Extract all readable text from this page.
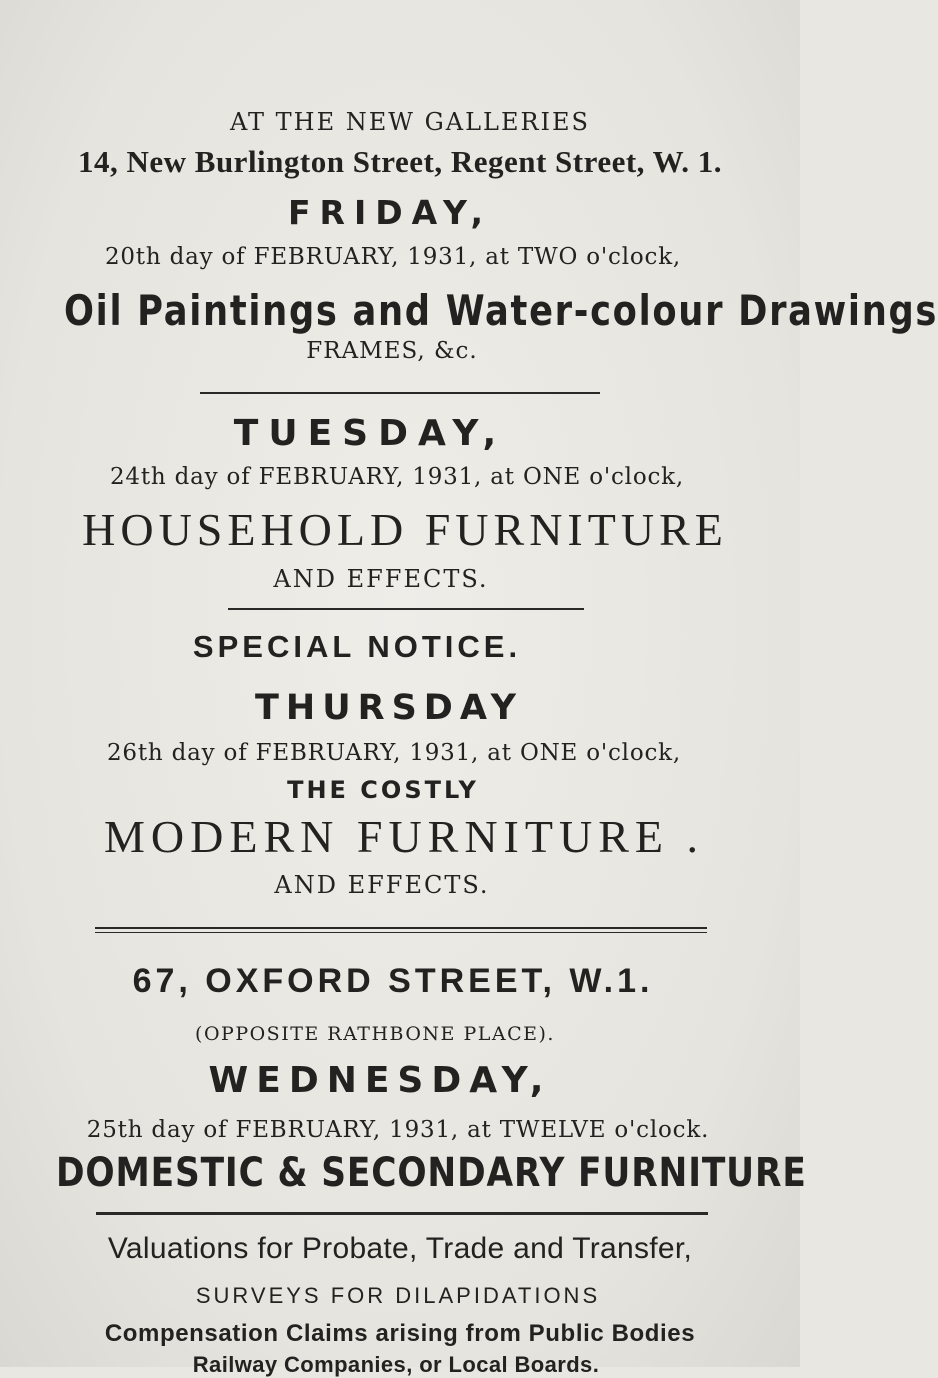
AT THE NEW GALLERIES
14, New Burlington Street, Regent Street, W. 1.
FRIDAY,
20th day of FEBRUARY, 1931, at TWO o'clock,
Oil Paintings and Water-colour Drawings
FRAMES, &c.
TUESDAY,
24th day of FEBRUARY, 1931, at ONE o'clock,
HOUSEHOLD FURNITURE
AND EFFECTS.
SPECIAL NOTICE.
THURSDAY
26th day of FEBRUARY, 1931, at ONE o'clock,
THE COSTLY
MODERN FURNITURE .
AND EFFECTS.
67, OXFORD STREET, W.1.
(OPPOSITE RATHBONE PLACE).
WEDNESDAY,
25th day of FEBRUARY, 1931, at TWELVE o'clock.
DOMESTIC & SECONDARY FURNITURE
Valuations for Probate, Trade and Transfer,
SURVEYS FOR DILAPIDATIONS
Compensation Claims arising from Public Bodies
Railway Companies, or Local Boards.
